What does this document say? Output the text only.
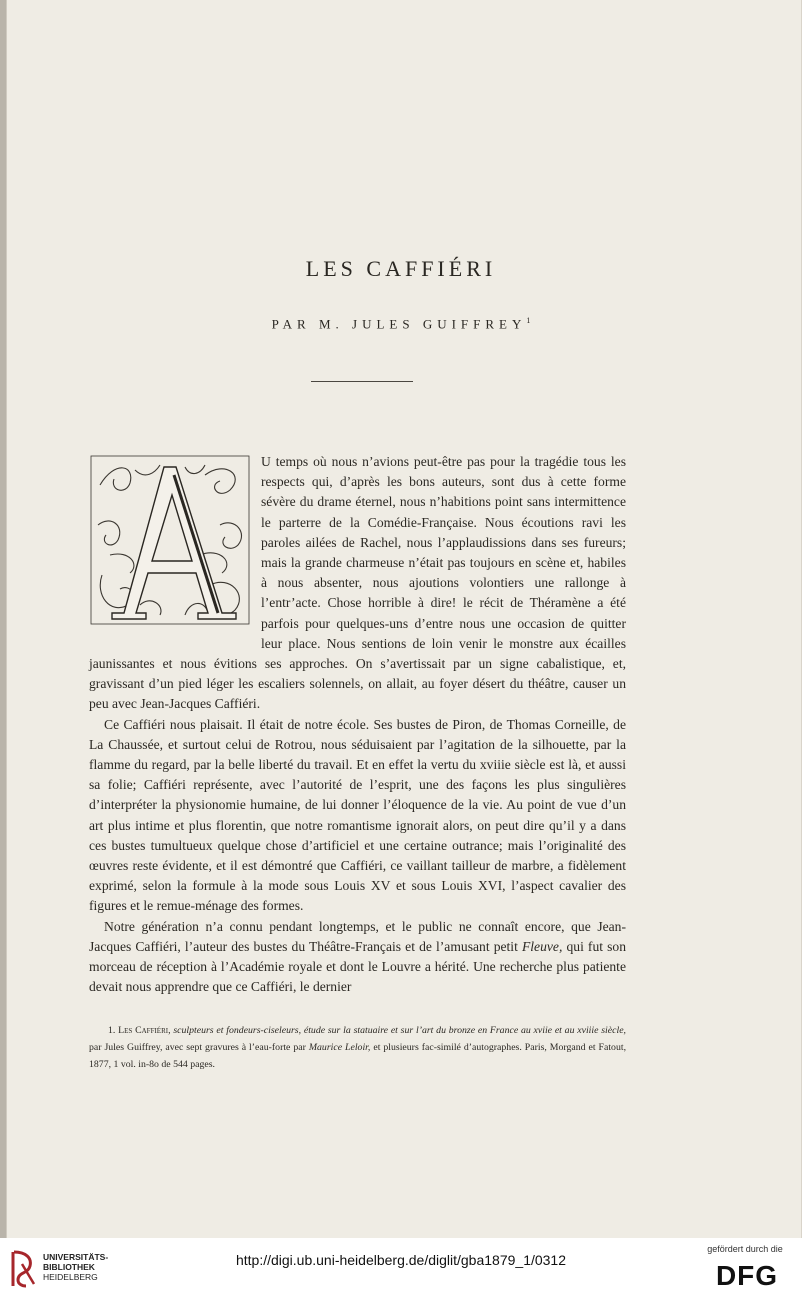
LES CAFFIÉRI
PAR M. JULES GUIFFREY$^1$

U temps où nous n’avions peut-être pas pour la tragédie tous les respects qui, d’après les bons auteurs, sont dus à cette forme sévère du drame éternel, nous n’habitions point sans intermittence le parterre de la Comédie-Française. Nous écoutions ravi les paroles ailées de Rachel, nous l’applaudissions dans ses fureurs; mais la grande charmeuse n’était pas toujours en scène et, habiles à nous absenter, nous ajoutions volontiers une rallonge à l’entr’acte. Chose horrible à dire! le récit de Théramène a été parfois pour quelques-uns d’entre nous une occasion de quitter leur place. Nous sentions de loin venir le monstre aux écailles jaunissantes et nous évitions ses approches. On s’avertissait par un signe cabalistique, et, gravissant d’un pied léger les escaliers solennels, on allait, au foyer désert du théâtre, causer un peu avec Jean-Jacques Caffiéri.

Ce Caffiéri nous plaisait. Il était de notre école. Ses bustes de Piron, de Thomas Corneille, de La Chaussée, et surtout celui de Rotrou, nous séduisaient par l’agitation de la silhouette, par la flamme du regard, par la belle liberté du travail. Et en effet la vertu du xviiie siècle est là, et aussi sa folie; Caffiéri représente, avec l’autorité de l’esprit, une des façons les plus singulières d’interpréter la physionomie humaine, de lui donner l’éloquence de la vie. Au point de vue d’un art plus intime et plus florentin, que notre romantisme ignorait alors, on peut dire qu’il y a dans ces bustes tumultueux quelque chose d’artificiel et une certaine outrance; mais l’originalité des œuvres reste évidente, et il est démontré que Caffiéri, ce vaillant tailleur de marbre, a fidèlement exprimé, selon la formule à la mode sous Louis XV et sous Louis XVI, l’aspect cavalier des figures et le remue-ménage des formes.

Notre génération n’a connu pendant longtemps, et le public ne connaît encore, que Jean-Jacques Caffiéri, l’auteur des bustes du Théâtre-Français et de l’amusant petit Fleuve, qui fut son morceau de réception à l’Académie royale et dont le Louvre a hérité. Une recherche plus patiente devait nous apprendre que ce Caffiéri, le dernier

1. Les Caffiéri, sculpteurs et fondeurs-ciseleurs, étude sur la statuaire et sur l’art du bronze en France au xviie et au xviiie siècle, par Jules Guiffrey, avec sept gravures à l’eau-forte par Maurice Leloir, et plusieurs fac-similé d’autographes. Paris, Morgand et Fatout, 1877, 1 vol. in-8o de 544 pages.
UNIVERSITÄTS-
BIBLIOTHEK
HEIDELBERG
http://digi.ub.uni-heidelberg.de/diglit/gba1879_1/0312
gefördert durch die
DFG
